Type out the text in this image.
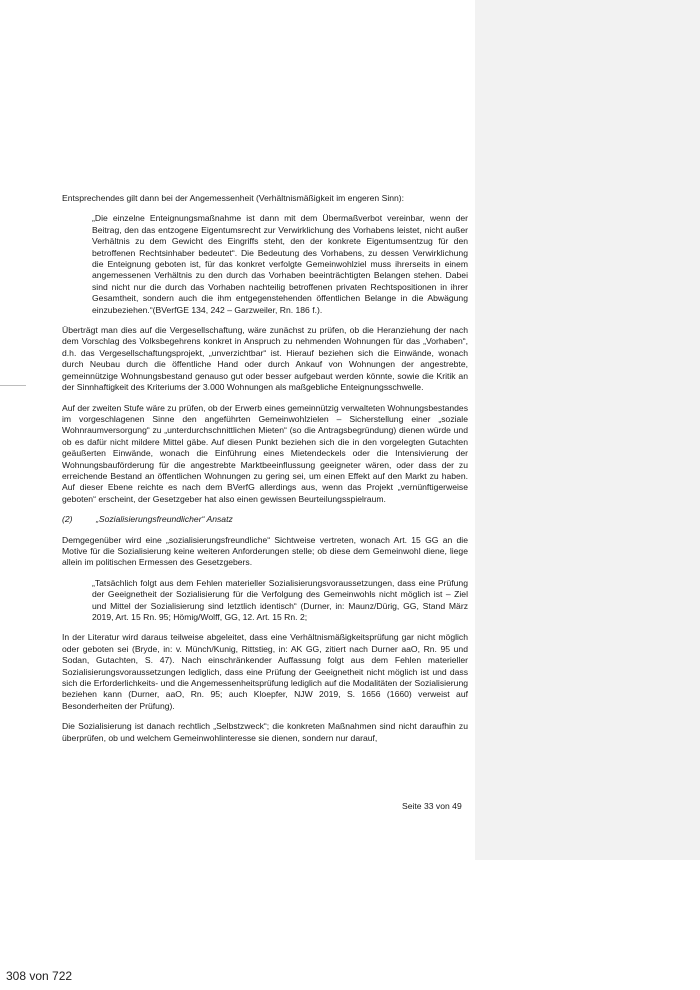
Entsprechendes gilt dann bei der Angemessenheit (Verhältnismäßigkeit im engeren Sinn):

„Die einzelne Enteignungsmaßnahme ist dann mit dem Übermaßverbot vereinbar, wenn der Beitrag, den das entzogene Eigentumsrecht zur Verwirklichung des Vorhabens leistet, nicht außer Verhältnis zu dem Gewicht des Eingriffs steht, den der konkrete Eigentumsentzug für den betroffenen Rechtsinhaber bedeutet“. Die Bedeutung des Vorhabens, zu dessen Verwirklichung die Enteignung geboten ist, für das konkret verfolgte Gemeinwohlziel muss ihrerseits in einem angemessenen Verhältnis zu den durch das Vorhaben beeinträchtigten Belangen stehen. Dabei sind nicht nur die durch das Vorhaben nachteilig betroffenen privaten Rechtspositionen in ihrer Gesamtheit, sondern auch die ihm entgegenstehenden öffentlichen Belange in die Abwägung einzubeziehen.“(BVerfGE 134, 242 – Garzweiler, Rn. 186 f.).

Überträgt man dies auf die Vergesellschaftung, wäre zunächst zu prüfen, ob die Heranziehung der nach dem Vorschlag des Volksbegehrens konkret in Anspruch zu nehmenden Wohnungen für das „Vorhaben“, d.h. das Vergesellschaftungsprojekt, „unverzichtbar“ ist. Hierauf beziehen sich die Einwände, wonach durch Neubau durch die öffentliche Hand oder durch Ankauf von Wohnungen der angestrebte, gemeinnützige Wohnungsbestand genauso gut oder besser aufgebaut werden könnte, sowie die Kritik an der Sinnhaftigkeit des Kriteriums der 3.000 Wohnungen als maßgebliche Enteignungsschwelle.

Auf der zweiten Stufe wäre zu prüfen, ob der Erwerb eines gemeinnützig verwalteten Wohnungsbestandes im vorgeschlagenen Sinne den angeführten Gemeinwohlzielen – Sicherstellung einer „soziale Wohnraumversorgung“ zu „unterdurchschnittlichen Mieten“ (so die Antragsbegründung) dienen würde und ob es dafür nicht mildere Mittel gäbe. Auf diesen Punkt beziehen sich die in den vorgelegten Gutachten geäußerten Einwände, wonach die Einführung eines Mietendeckels oder die Intensivierung der Wohnungsbauförderung für die angestrebte Marktbeeinflussung geeigneter wären, oder dass der zu erreichende Bestand an öffentlichen Wohnungen zu gering sei, um einen Effekt auf den Markt zu haben. Auf dieser Ebene reichte es nach dem BVerfG allerdings aus, wenn das Projekt „vernünftigerweise geboten“ erscheint, der Gesetzgeber hat also einen gewissen Beurteilungsspielraum.

(2)	„Sozialisierungsfreundlicher“ Ansatz

Demgegenüber wird eine „sozialisierungsfreundliche“ Sichtweise vertreten, wonach Art. 15 GG an die Motive für die Sozialisierung keine weiteren Anforderungen stelle; ob diese dem Gemeinwohl diene, liege allein im politischen Ermessen des Gesetzgebers.

„Tatsächlich folgt aus dem Fehlen materieller Sozialisierungsvoraussetzungen, dass eine Prüfung der Geeignetheit der Sozialisierung für die Verfolgung des Gemeinwohls nicht möglich ist – Ziel und Mittel der Sozialisierung sind letztlich identisch“ (Durner, in: Maunz/Dürig, GG, Stand März 2019, Art. 15 Rn. 95; Hömig/Wolff, GG, 12. Art. 15 Rn. 2;

In der Literatur wird daraus teilweise abgeleitet, dass eine Verhältnismäßigkeitsprüfung gar nicht möglich oder geboten sei (Bryde, in: v. Münch/Kunig, Rittstieg, in: AK GG, zitiert nach Durner aaO, Rn. 95 und Sodan, Gutachten, S. 47). Nach einschränkender Auffassung folgt aus dem Fehlen materieller Sozialisierungsvoraussetzungen lediglich, dass eine Prüfung der Geeignetheit nicht möglich ist und dass sich die Erforderlichkeits- und die Angemessenheitsprüfung lediglich auf die Modalitäten der Sozialisierung beziehen kann (Durner, aaO, Rn. 95; auch Kloepfer, NJW 2019, S. 1656 (1660) verweist auf Besonderheiten der Prüfung).

Die Sozialisierung ist danach rechtlich „Selbstzweck“; die konkreten Maßnahmen sind nicht daraufhin zu überprüfen, ob und welchem Gemeinwohlinteresse sie dienen, sondern nur darauf,

Seite 33 von 49
308 von 722
